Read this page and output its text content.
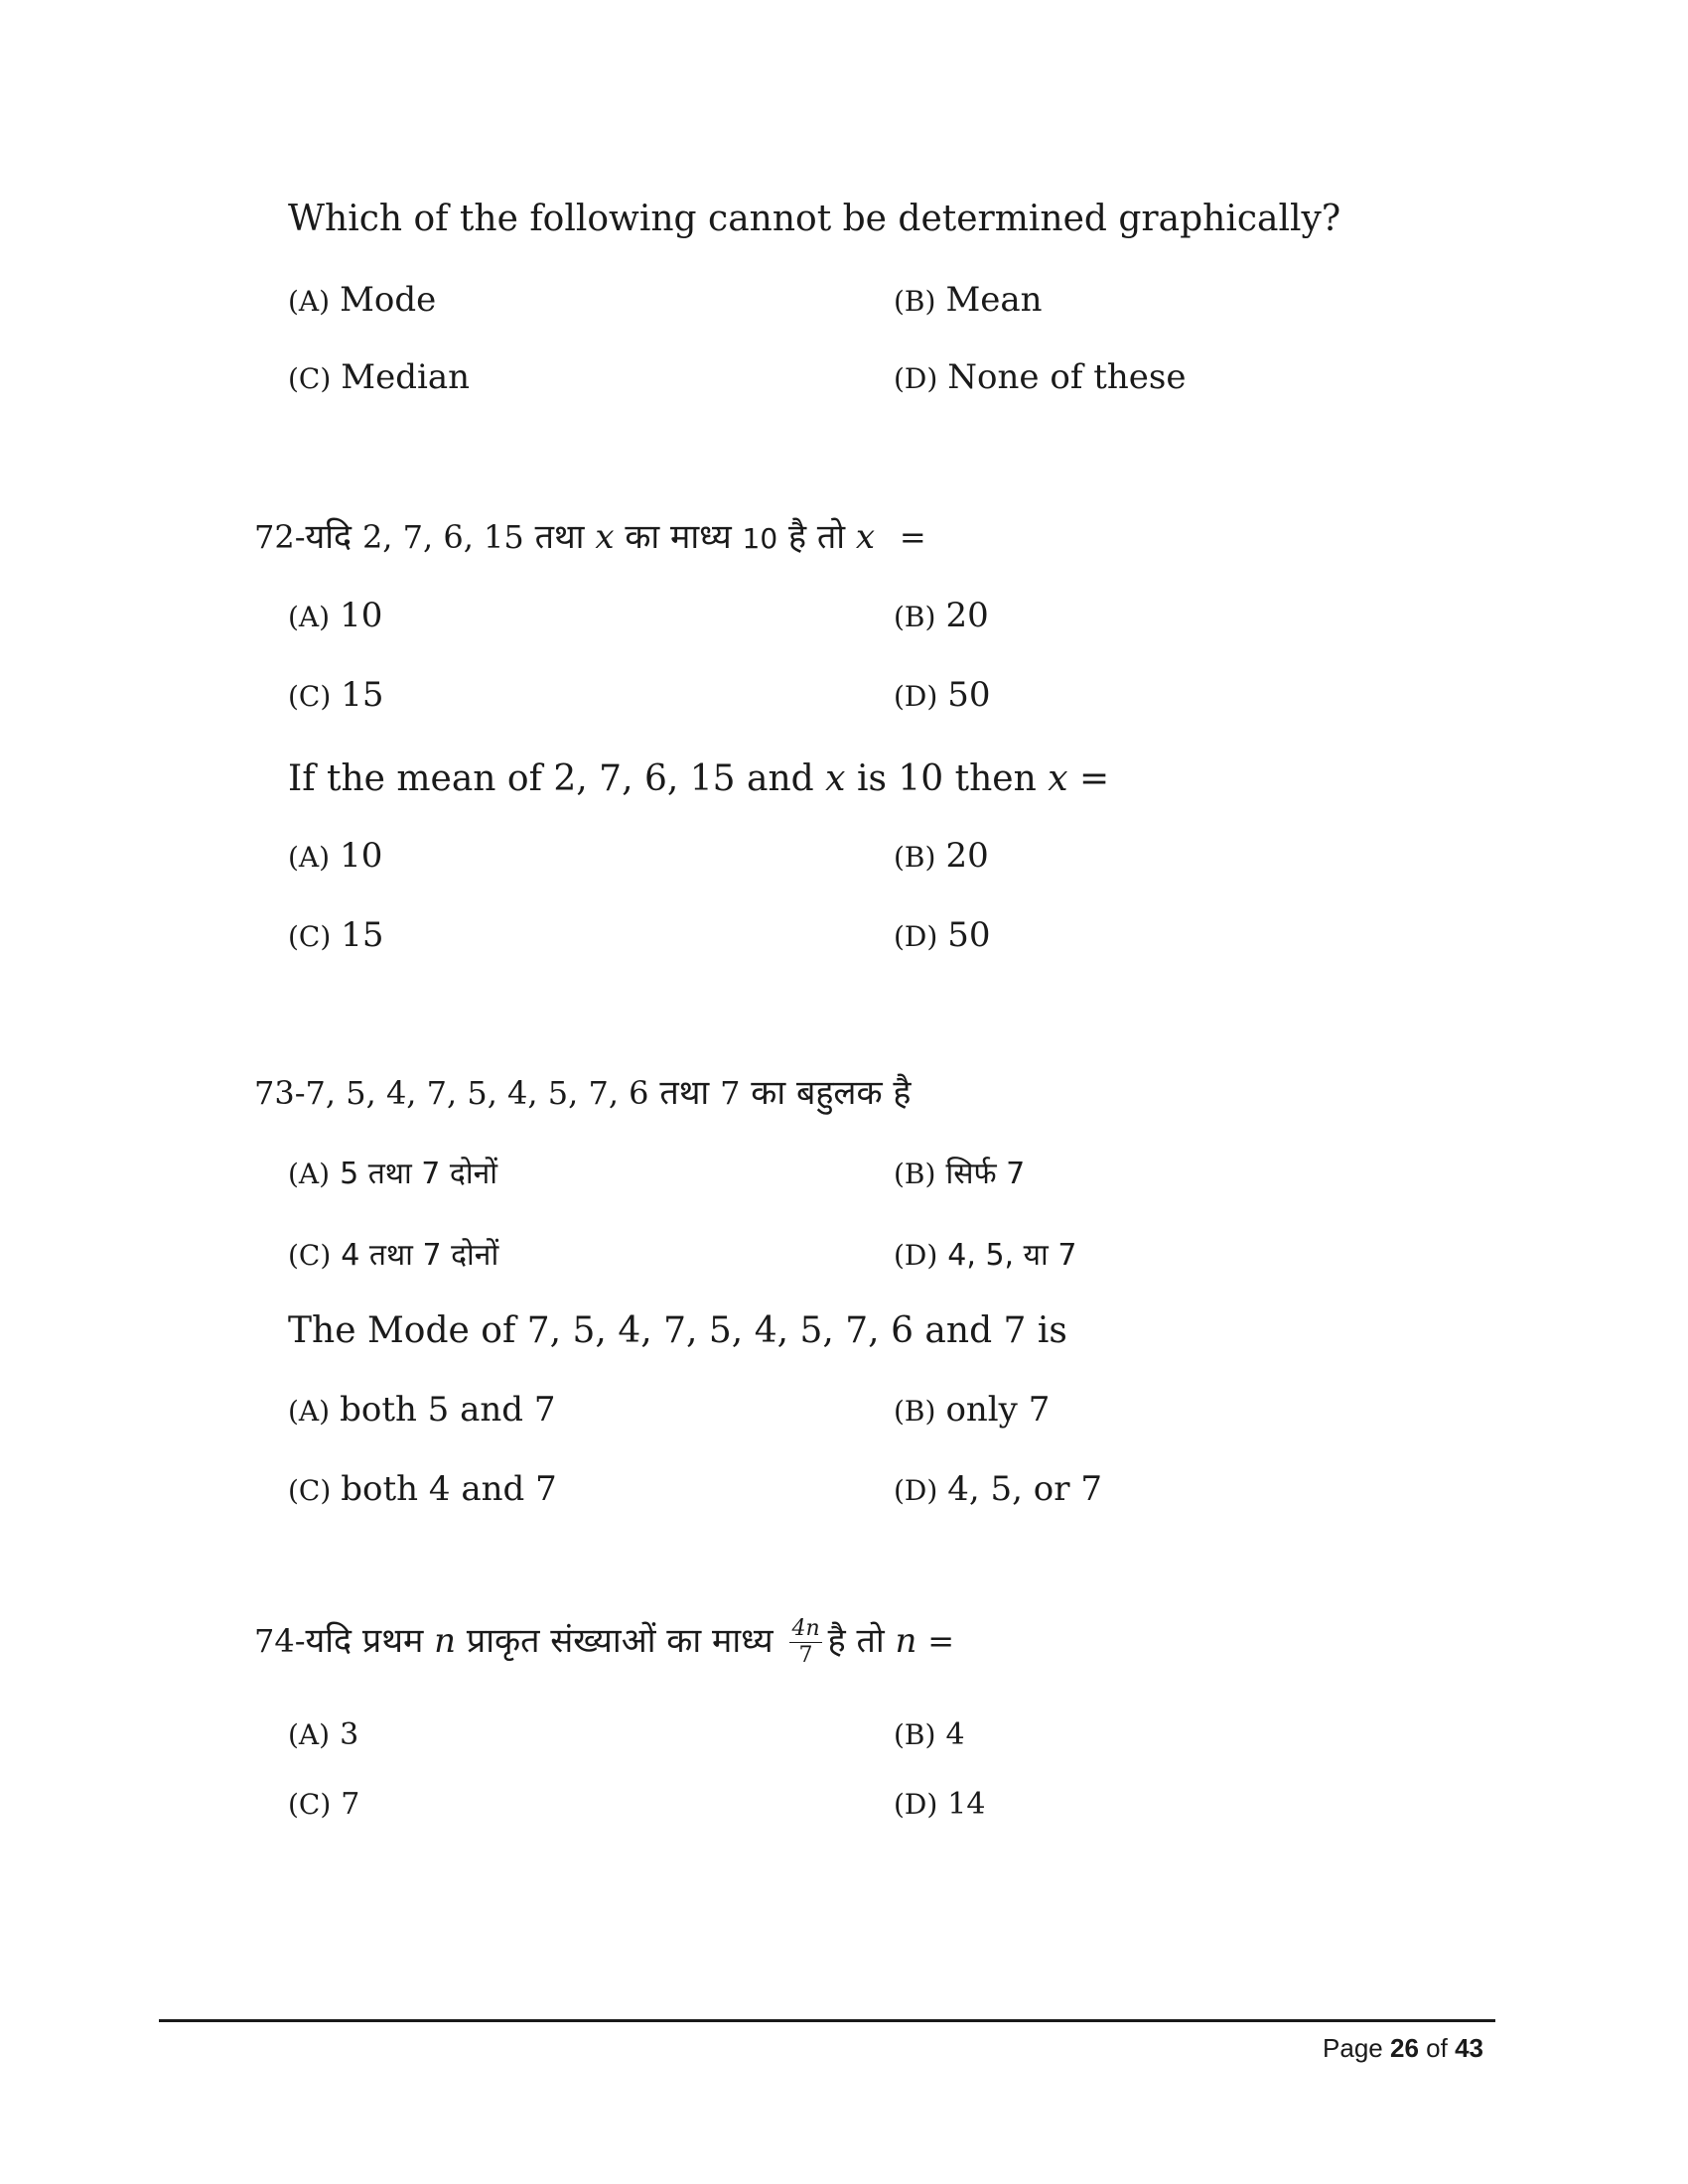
Which of the following cannot be determined graphically?
(A) Mode	(B) Mean
(C) Median	(D) None of these
72-यदि 2, 7, 6, 15 तथा x का माध्य 10 है तो x =
(A) 10	(B) 20
(C) 15	(D) 50
If the mean of 2, 7, 6, 15 and x is 10 then x =
(A) 10	(B) 20
(C) 15	(D) 50
73-7, 5, 4, 7, 5, 4, 5, 7, 6 तथा 7 का बहुलक है
(A) 5 तथा 7 दोनों	(B) सिर्फ 7
(C) 4 तथा 7 दोनों	(D) 4, 5, या 7
The Mode of 7, 5, 4, 7, 5, 4, 5, 7, 6 and 7 is
(A) both 5 and 7	(B) only 7
(C) both 4 and 7	(D) 4, 5, or 7
74-यदि प्रथम n प्राकृत संख्याओं का माध्य $\frac{4n}{7}$ है तो n =
(A) 3	(B) 4
(C) 7	(D) 14
Page 26 of 43
